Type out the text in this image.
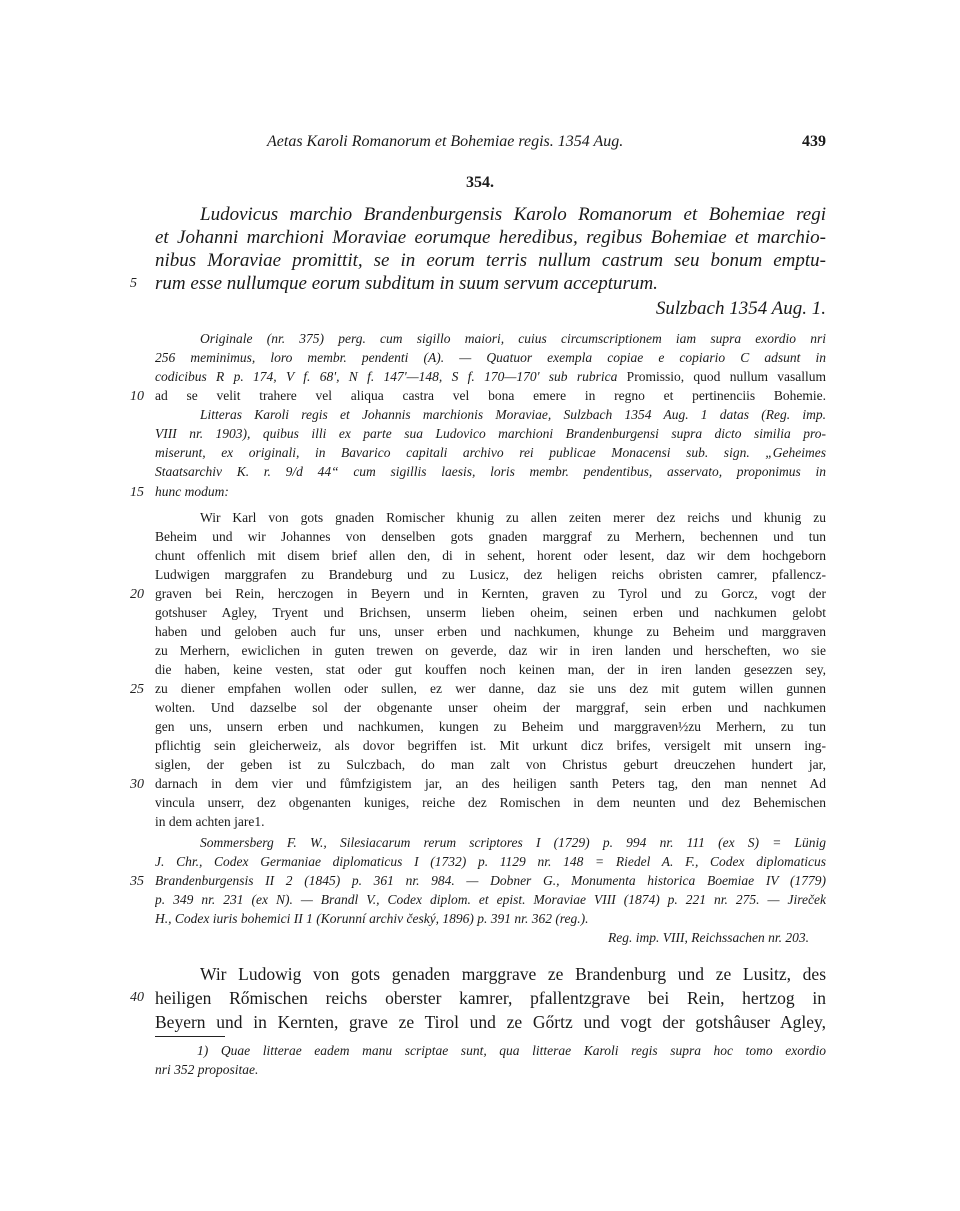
Aetas Karoli Romanorum et Bohemiae regis. 1354 Aug.	439
354.
Ludovicus marchio Brandenburgensis Karolo Romanorum et Bohemiae regi
et Johanni marchioni Moraviae eorumque heredibus, regibus Bohemiae et marchio-
nibus Moraviae promittit, se in eorum terris nullum castrum seu bonum emptu-
5 rum esse nullumque eorum subditum in suum servum accepturum.
Sulzbach 1354 Aug. 1.
Originale (nr. 375) perg. cum sigillo maiori, cuius circumscriptionem iam supra exordio nri
256 meminimus, loro membr. pendenti (A). — Quatuor exempla copiae e copiario C adsunt in
codicibus R p. 174, V f. 68', N f. 147'—148, S f. 170—170' sub rubrica Promissio, quod nullum vasallum
10 ad se velit trahere vel aliqua castra vel bona emere in regno et pertinenciis Bohemie.
Litteras Karoli regis et Johannis marchionis Moraviae, Sulzbach 1354 Aug. 1 datas (Reg. imp.
VIII nr. 1903), quibus illi ex parte sua Ludovico marchioni Brandenburgensi supra dicto similia pro-
miserunt, ex originali, in Bavarico capitali archivo rei publicae Monacensi sub. sign. „Geheimes
Staatsarchiv K. r. 9/d 44“ cum sigillis laesis, loris membr. pendentibus, asservato, proponimus in
15 hunc modum:
Wir Karl von gots gnaden Romischer khunig zu allen zeiten merer dez reichs und khunig zu
Beheim und wir Johannes von denselben gots gnaden marggraf zu Merhern, bechennen und tun
chunt offenlich mit disem brief allen den, di in sehent, horent oder lesent, daz wir dem hochgeborn
Ludwigen marggrafen zu Brandeburg und zu Lusicz, dez heligen reichs obristen camrer, pfallencz-
20 graven bei Rein, herczogen in Beyern und in Kernten, graven zu Tyrol und zu Gorcz, vogt der
gotshuser Agley, Tryent und Brichsen, unserm lieben oheim, seinen erben und nachkumen gelobt
haben und geloben auch fur uns, unser erben und nachkumen, khunge zu Beheim und marggraven
zu Merhern, ewiclichen in guten trewen on geverde, daz wir in iren landen und herscheften, wo sie
die haben, keine vesten, stat oder gut kouffen noch keinen man, der in iren landen gesezzen sey,
25 zu diener empfahen wollen oder sullen, ez wer danne, daz sie uns dez mit gutem willen gunnen
wolten. Und dazselbe sol der obgenante unser oheim der marggraf, sein erben und nachkumen
gen uns, unsern erben und nachkumen, kungen zu Beheim und marggraven½zu Merhern, zu tun
pflichtig sein gleicherweiz, als dovor begriffen ist. Mit urkunt dicz brifes, versigelt mit unsern ing-
siglen, der geben ist zu Sulczbach, do man zalt von Christus geburt dreuczehen hundert jar,
30 darnach in dem vier und fůmfzigistem jar, an des heiligen santh Peters tag, den man nennet Ad
vincula unserr, dez obgenanten kuniges, reiche dez Romischen in dem neunten und dez Behemischen
in dem achten jare1.
Sommersberg F. W., Silesiacarum rerum scriptores I (1729) p. 994 nr. 111 (ex S) = Lünig
J. Chr., Codex Germaniae diplomaticus I (1732) p. 1129 nr. 148 = Riedel A. F., Codex diplomaticus
35 Brandenburgensis II 2 (1845) p. 361 nr. 984. — Dobner G., Monumenta historica Boemiae IV (1779)
p. 349 nr. 231 (ex N). — Brandl V., Codex diplom. et epist. Moraviae VIII (1874) p. 221 nr. 275. — Jireček
H., Codex iuris bohemici II 1 (Korunní archiv český, 1896) p. 391 nr. 362 (reg.).
Reg. imp. VIII, Reichssachen nr. 203.
Wir Ludowig von gots genaden marggrave ze Brandenburg und ze Lusitz, des
40 heiligen Rőmischen reichs oberster kamrer, pfallentzgrave bei Rein, hertzog in
Beyern und in Kernten, grave ze Tirol und ze Gőrtz und vogt der gotshâuser Agley,
1) Quae litterae eadem manu scriptae sunt, qua litterae Karoli regis supra hoc tomo exordio
nri 352 propositae.
